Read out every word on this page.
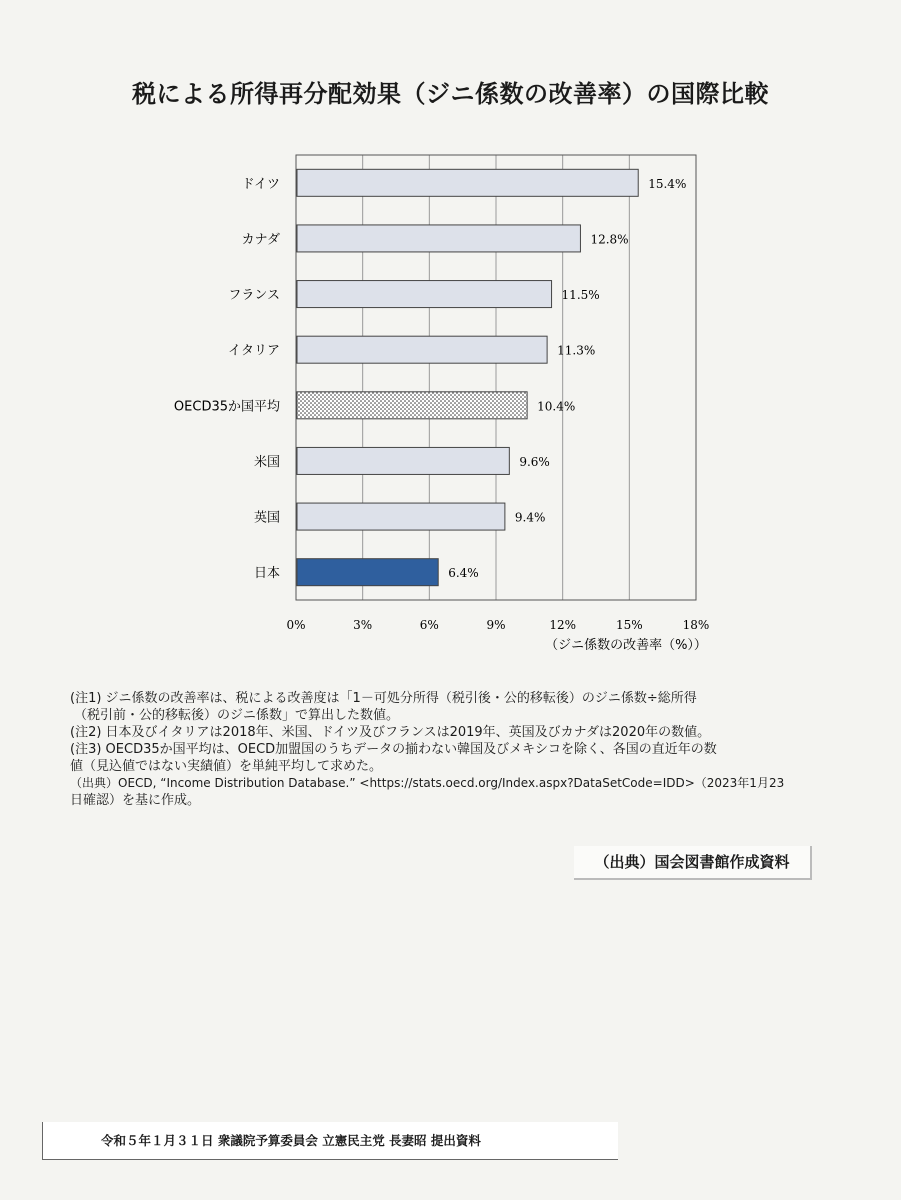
税による所得再分配効果（ジニ係数の改善率）の国際比較
0%	3%	6%	9%	12%	15%	18%
ドイツ	15.4%
カナダ	12.8%
フランス	11.5%
イタリア	11.3%
OECD35か国平均	10.4%
米国	9.6%
英国	9.4%
日本	6.4%
（ジニ係数の改善率（%））
(注1) ジニ係数の改善率は、税による改善度は「1－可処分所得（税引後・公的移転後）のジニ係数÷総所得
（税引前・公的移転後）のジニ係数」で算出した数値。
(注2) 日本及びイタリアは2018年、米国、ドイツ及びフランスは2019年、英国及びカナダは2020年の数値。
(注3) OECD35か国平均は、OECD加盟国のうちデータの揃わない韓国及びメキシコを除く、各国の直近年の数
値（見込値ではない実績値）を単純平均して求めた。
（出典）OECD, “Income Distribution Database.” <https://stats.oecd.org/Index.aspx?DataSetCode=IDD>（2023年1月23
日確認）を基に作成。
（出典）国会図書館作成資料
令和５年１月３１日 衆議院予算委員会 立憲民主党 長妻昭 提出資料
